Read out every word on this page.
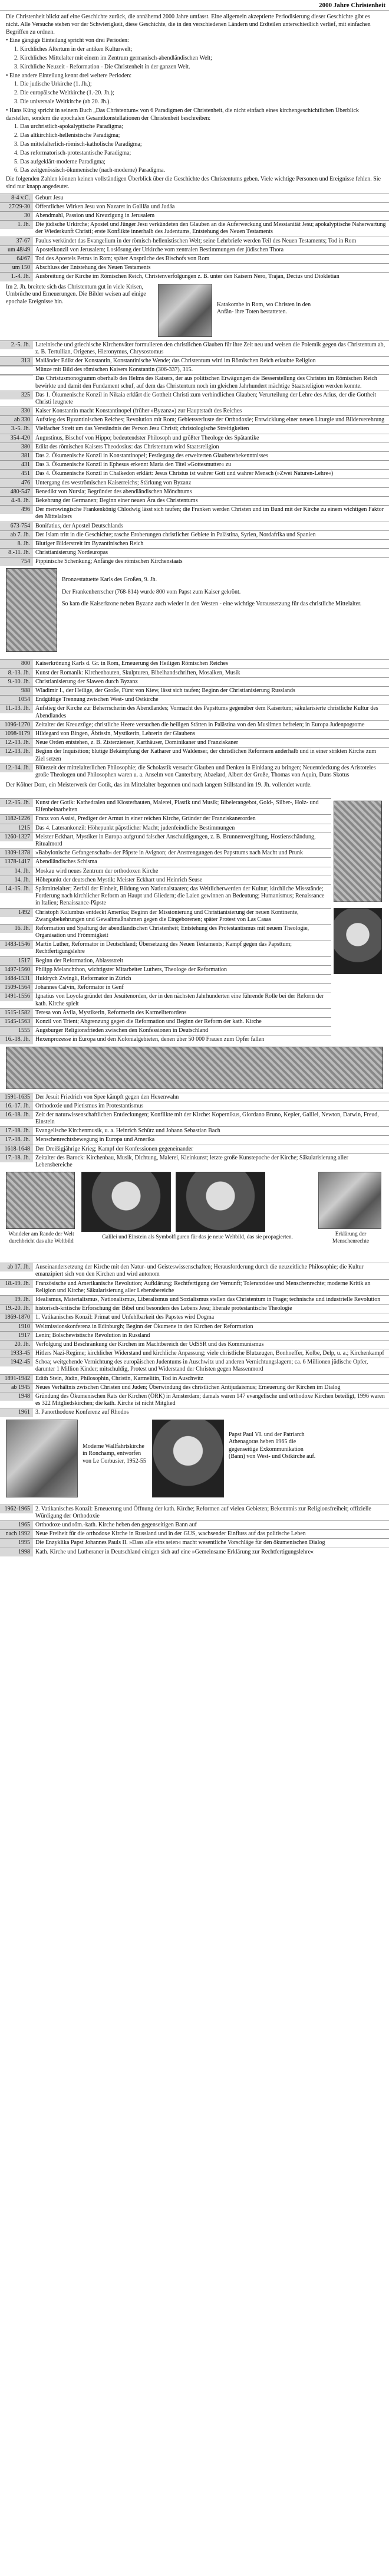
2000 Jahre Christenheit

Die Christenheit blickt auf eine Geschichte zurück, die annähernd 2000 Jahre umfasst. Eine allgemein akzeptierte Periodisierung dieser Geschichte gibt es nicht. Alle Versuche stehen vor der Schwierigkeit, diese Geschichte, die in den verschiedenen Ländern und Erdteilen unterschiedlich verlief, mit einfachen Begriffen zu ordnen.

• Eine gängige Einteilung spricht von drei Perioden:

1. Kirchliches Altertum in der antiken Kulturwelt;

2. Kirchliches Mittelalter mit einem im Zentrum germanisch-abendländischen Welt;

3. Kirchliche Neuzeit - Reformation - Die Christenheit in der ganzen Welt.

• Eine andere Einteilung kennt drei weitere Perioden:

1. Die judische Urkirche (1. Jh.);

2. Die europäische Weltkirche (1.-20. Jh.);

3. Die universale Weltkirche (ab 20. Jh.).

• Hans Küng spricht in seinem Buch „Das Christentum« von 6 Paradigmen der Christenheit, die nicht einfach eines kirchengeschichtlichen Überblick darstellen, sondern die epochalen Gesamtkonstellationen der Christenheit beschreiben:

1. Das urchristlich-apokalyptische Paradigma;

2. Das altkirchlich-hellenistische Paradigma;

3. Das mittelalterlich-römisch-katholische Paradigma;

4. Das reformatorisch-protestantische Paradigma;

5. Das aufgeklärt-moderne Paradigma;

6. Das zeitgenössisch-ökumenische (nach-moderne) Paradigma.

Die folgenden Zahlen können keinen vollständigen Überblick über die Geschichte des Christentums geben. Viele wichtige Personen und Ereignisse fehlen. Sie sind nur knapp angedeutet.

8-4 v.C. Geburt Jesu
27/29-30 Öffentliches Wirken Jesu von Nazaret in Galiläa und Judäa
30 Abendmahl, Passion und Kreuzigung in Jerusalem
1. Jh. Die jüdische Urkirche; Apostel und Jünger Jesu verkündeten den Glauben an die Auferweckung und Messianität Jesu; apokalyptische Naherwartung der Wiederkunft Christi; erste Konflikte innerhalb des Judentums, Entstehung des Neuen Testaments
37-67 Paulus verkündet das Evangelium in der römisch-hellenistischen Welt; seine Lehrbriefe werden Teil des Neuen Testaments; Tod in Rom
um 48/49 Apostelkonzil von Jerusalem; Loslösung der Urkirche vom zentralen Bestimmungen der jüdischen Thora
64/67 Tod des Apostels Petrus in Rom; später Ansprüche des Bischofs von Rom
um 150 Abschluss der Entstehung des Neuen Testaments
1.-4. Jh. Ausbreitung der Kirche im Römischen Reich, Christenverfolgungen z. B. unter den Kaisern Nero, Trajan, Decius und Diokletian
Im 2. Jh. breitete sich das Christentum gut in viele Krisen, Umbrüche und Erneuerungen. Die Bilder weisen auf einige epochale Ereignisse hin.	Katakombe in Rom, wo Christen in den Anfän- ihre Toten bestatteten.
2.-5. Jh. Lateinische und griechische Kirchenväter formulieren den christlichen Glauben für ihre Zeit neu und weisen die Polemik gegen das Christentum ab, z. B. Tertullian, Origenes, Hieronymus, Chrysostomus
313 Mailänder Edikt der Konstantin, Konstantinische Wende; das Christentum wird im Römischen Reich erlaubte Religion
Münze mit Bild des römischen Kaisers Konstantin (306-337), 315.
Das Christusmonogramm oberhalb des Helms des Kaisers, der aus politischen Erwägungen die Besserstellung des Christen im Römischen Reich bewirkte und damit den Fundament schuf, auf dem das Christentum noch im gleichen Jahrhundert mächtige Staatsreligion werden konnte.
325 Das 1. Ökumenische Konzil in Nikaia erklärt die Gottheit Christi zum verbindlichen Glauben; Verurteilung der Lehre des Arius, der die Gottheit Christi leugnete
330 Kaiser Konstantin macht Konstantinopel (früher »Byzanz«) zur Hauptstadt des Reiches
ab 330 Aufstieg des Byzantinischen Reiches; Revolution mit Rom; Gebietsverluste der Orthodoxie; Entwicklung einer neuen Liturgie und Bilderverehrung
3.-5. Jh. Vielfacher Streit um das Verständnis der Person Jesu Christi; christologische Streitigkeiten
354-420 Augustinus, Bischof von Hippo; bedeutendster Philosoph und größter Theologe des Spätantike
380 Edikt des römischen Kaisers Theodosius: das Christentum wird Staatsreligion
381 Das 2. Ökumenische Konzil in Konstantinopel; Festlegung des erweiterten Glaubensbekenntnisses
431 Das 3. Ökumenische Konzil in Ephesus erkennt Maria den Titel »Gottesmutter« zu
451 Das 4. Ökumenische Konzil in Chalkedon erklärt: Jesus Christus ist wahrer Gott und wahrer Mensch (»Zwei Naturen-Lehre«)
476 Untergang des weströmischen Kaiserreichs; Stärkung von Byzanz
480-547 Benedikt von Nursia; Begründer des abendländischen Mönchtums
4.-8. Jh. Bekehrung der Germanen; Beginn einer neuen Ära des Christentums
496 Der merowingische Frankenkönig Chlodwig lässt sich taufen; die Franken werden Christen und im Bund mit der Kirche zu einem wichtigen Faktor des Mittelalters
673-754 Bonifatius, der Apostel Deutschlands
ab 7. Jh. Der Islam tritt in die Geschichte; rasche Eroberungen christlicher Gebiete in Palästina, Syrien, Nordafrika und Spanien
8. Jh. Blutiger Bilderstreit im Byzantinischen Reich
8.-11. Jh. Christianisierung Nordeuropas
754 Pippinische Schenkung; Anfänge des römischen Kirchenstaats
Bronzestatuette Karls des Großen, 9. Jh.
Der Frankenherrscher (768-814) wurde 800 vom Papst zum Kaiser gekrönt.
So kam die Kaiserkrone neben Byzanz auch wieder in den Westen - eine wichtige Voraussetzung für das christliche Mittelalter.
800 Kaiserkrönung Karls d. Gr. in Rom, Erneuerung des Heiligen Römischen Reiches
8.-13. Jh. Kunst der Romanik: Kirchenbauten, Skulpturen, Bibelhandschriften, Mosaiken, Musik
9.-10. Jh. Christianisierung der Slawen durch Byzanz
988 Wladimir I., der Heilige, der Große, Fürst von Kiew, lässt sich taufen; Beginn der Christianisierung Russlands
1054 Endgültige Trennung zwischen West- und Ostkirche
11.-13. Jh. Aufstieg der Kirche zur Beherrscherin des Abendlandes; Vormacht des Papsttums gegenüber dem Kaisertum; säkularisierte christliche Kultur des Abendlandes
1096-1270 Zeitalter der Kreuzzüge; christliche Heere versuchen die heiligen Stätten in Palästina von den Muslimen befreien; in Europa Judenpogrome
1098-1179 Hildegard von Bingen, Äbtissin, Mystikerin, Lehrerin der Glaubens
12.-13. Jh. Neue Orden entstehen, z. B. Zisterzienser, Karthäuser, Dominikaner und Franziskaner
12.-13. Jh. Beginn der Inquisition; blutige Bekämpfung der Katharer und Waldenser, der christlichen Reformern anderhalb und in einer strikten Kirche zum Ziel setzen
12.-14. Jh. Blütezeit der mittelalterlichen Philosophie; die Scholastik versucht Glauben und Denken in Einklang zu bringen; Neuentdeckung des Aristoteles große Theologen und Philosophen waren u. a. Anselm von Canterbury, Abaelard, Albert der Große, Thomas von Aquin, Duns Skotus
Der Kölner Dom, ein Meisterwerk der Gotik, das im Mittelalter begonnen und nach langem Stillstand im 19. Jh. vollendet wurde.
12.-15. Jh. Kunst der Gotik: Kathedralen und Klosterbauten, Malerei, Plastik und Musik; Bibelerangebot, Gold-, Silber-, Holz- und Elfenbeinarbeiten
1182-1226 Franz von Assisi, Prediger der Armut in einer reichen Kirche, Gründer der Franziskanerorden
1215 Das 4. Laterankonzil: Höhepunkt päpstlicher Macht; judenfeindliche Bestimmungen
1260-1327 Meister Eckhart, Mystiker in Europa aufgrund falscher Anschuldigungen, z. B. Brunnenvergiftung, Hostienschändung, Ritualmord
1309-1378 »Babylonische Gefangenschaft« der Päpste in Avignon; der Anstrengungen des Papsttums nach Macht und Prunk
1378-1417 Abendländisches Schisma
14. Jh. Moskau wird neues Zentrum der orthodoxen Kirche
14. Jh. Höhepunkt der deutschen Mystik: Meister Eckhart und Heinrich Seuse
14.-15. Jh. Spätmittelalter; Zerfall der Einheit, Bildung von Nationalstaaten; das Weltlicherwerden der Kultur; kirchliche Missstände; Forderung nach kirchlicher Reform an Haupt und Gliedern; die Laien gewinnen an Bedeutung; Humanismus; Renaissance in Italien; Renaissance-Päpste
1492 Christoph Kolumbus entdeckt Amerika; Beginn der Missionierung und Christianisierung der neuen Kontinente, Zwangsbekehrungen und Gewaltmaßnahmen gegen die Eingeborenen; später Protest von Las Casas
16. Jh. Reformation und Spaltung der abendländischen Christenheit; Entstehung des Protestantismus mit neuem Theologie, Organisation und Frömmigkeit
1483-1546 Martin Luther, Reformator in Deutschland; Übersetzung des Neuen Testaments; Kampf gegen das Papsttum; Rechtfertigungslehre
1517 Beginn der Reformation, Ablassstreit
1497-1560 Philipp Melanchthon, wichtigster Mitarbeiter Luthers, Theologe der Reformation
1484-1531 Huldrych Zwingli, Reformator in Zürich
1509-1564 Johannes Calvin, Reformator in Genf
1491-1556 Ignatius von Loyola gründet den Jesuitenorden, der in den nächsten Jahrhunderten eine führende Rolle bei der Reform der kath. Kirche spielt
1515-1582 Teresa von Ávila, Mystikerin, Reformerin des Karmeliterordens
1545-1563 Konzil von Trient; Abgrenzung gegen die Reformation und Beginn der Reform der kath. Kirche
1555 Augsburger Religionsfrieden zwischen den Konfessionen in Deutschland
16.-18. Jh. Hexenprozesse in Europa und den Kolonialgebieten, denen über 50 000 Frauen zum Opfer fallen
1591-1635 Der Jesuit Friedrich von Spee kämpft gegen den Hexenwahn
16.-17. Jh. Orthodoxie und Pietismus im Protestantismus
16.-18. Jh. Zeit der naturwissenschaftlichen Entdeckungen; Konflikte mit der Kirche: Kopernikus, Giordano Bruno, Kepler, Galilei, Newton, Darwin, Freud, Einstein
17.-18. Jh. Evangelische Kirchenmusik, u. a. Heinrich Schütz und Johann Sebastian Bach
17.-18. Jh. Menschenrechtsbewegung in Europa und Amerika
1618-1648 Der Dreißigjährige Krieg; Kampf der Konfessionen gegeneinander
17.-18. Jh. Zeitalter des Barock: Kirchenbau, Musik, Dichtung, Malerei, Kleinkunst; letzte große Kunstepoche der Kirche; Säkularisierung aller Lebensbereiche
Wandeler am Rande der Welt durchbricht das alte Weltbild
Galilei und Einstein als Symbolfiguren für das je neue Weltbild, das sie propagierten.	Erklärung der Menschenrechte
ab 17. Jh. Auseinandersetzung der Kirche mit den Natur- und Geisteswissenschaften; Herausforderung durch die neuzeitliche Philosophie; die Kultur emanzipiert sich von den Kirchen und wird autonom
18.-19. Jh. Französische und Amerikanische Revolution; Aufklärung; Rechtfertigung der Vernunft; Toleranzidee und Menschenrechte; moderne Kritik an Religion und Kirche; Säkularisierung aller Lebensbereiche
19. Jh. Idealismus, Materialismus, Nationalismus, Liberalismus und Sozialismus stellen das Christentum in Frage; technische und industrielle Revolution
19.-20. Jh. historisch-kritische Erforschung der Bibel und besonders des Lebens Jesu; liberale protestantische Theologie
1869-1870 1. Vatikanisches Konzil: Primat und Unfehlbarkeit des Papstes wird Dogma
1910 Weltmissionskonferenz in Edinburgh; Beginn der Ökumene in den Kirchen der Reformation
1917 Lenin; Bolschewistische Revolution in Russland
20. Jh. Verfolgung und Beschränkung der Kirchen im Machtbereich der UdSSR und des Kommunismus
1933-45 Hitlers Nazi-Regime; kirchlicher Widerstand und kirchliche Anpassung; viele christliche Blutzeugen, Bonhoeffer, Kolbe, Delp, u. a.; Kirchenkampf
1942-45 Schoa; weitgehende Vernichtung des europäischen Judentums in Auschwitz und anderen Vernichtungslagern; ca. 6 Millionen jüdische Opfer, darunter 1 Million Kinder; mitschuldig, Protest und Widerstand der Christen gegen Massenmord
1891-1942 Edith Stein, Jüdin, Philosophin, Christin, Karmelitin, Tod in Auschwitz
ab 1945 Neues Verhältnis zwischen Christen und Juden; Überwindung des christlichen Antijudaismus; Erneuerung der Kirchen im Dialog
1948 Gründung des Ökumenischen Rats der Kirchen (ÖRK) in Amsterdam; damals waren 147 evangelische und orthodoxe Kirchen beteiligt, 1996 waren es 322 Mitgliedskirchen; die kath. Kirche ist nicht Mitglied
1961 3. Panorthodoxe Konferenz auf Rhodos
Moderne Wallfahrtskirche in Ronchamp, entworfen von Le Corbusier, 1952-55
Papst Paul VI. und der Patriarch Athenagoras heben 1965 die gegenseitige Exkommunikation (Bann) von West- und Ostkirche auf.
1962-1965 2. Vatikanisches Konzil: Erneuerung und Öffnung der kath. Kirche; Reformen auf vielen Gebieten; Bekenntnis zur Religionsfreiheit; offizielle Würdigung der Orthodoxie
1965 Orthodoxe und röm.-kath. Kirche heben den gegenseitigen Bann auf
nach 1992 Neue Freiheit für die orthodoxe Kirche in Russland und in der GUS, wachsender Einfluss auf das politische Leben
1995 Die Enzyklika Papst Johannes Pauls II. »Dass alle eins seien« macht wesentliche Vorschläge für den ökumenischen Dialog
1998 Kath. Kirche und Lutheraner in Deutschland einigen sich auf eine »Gemeinsame Erklärung zur Rechtfertigungslehre«
